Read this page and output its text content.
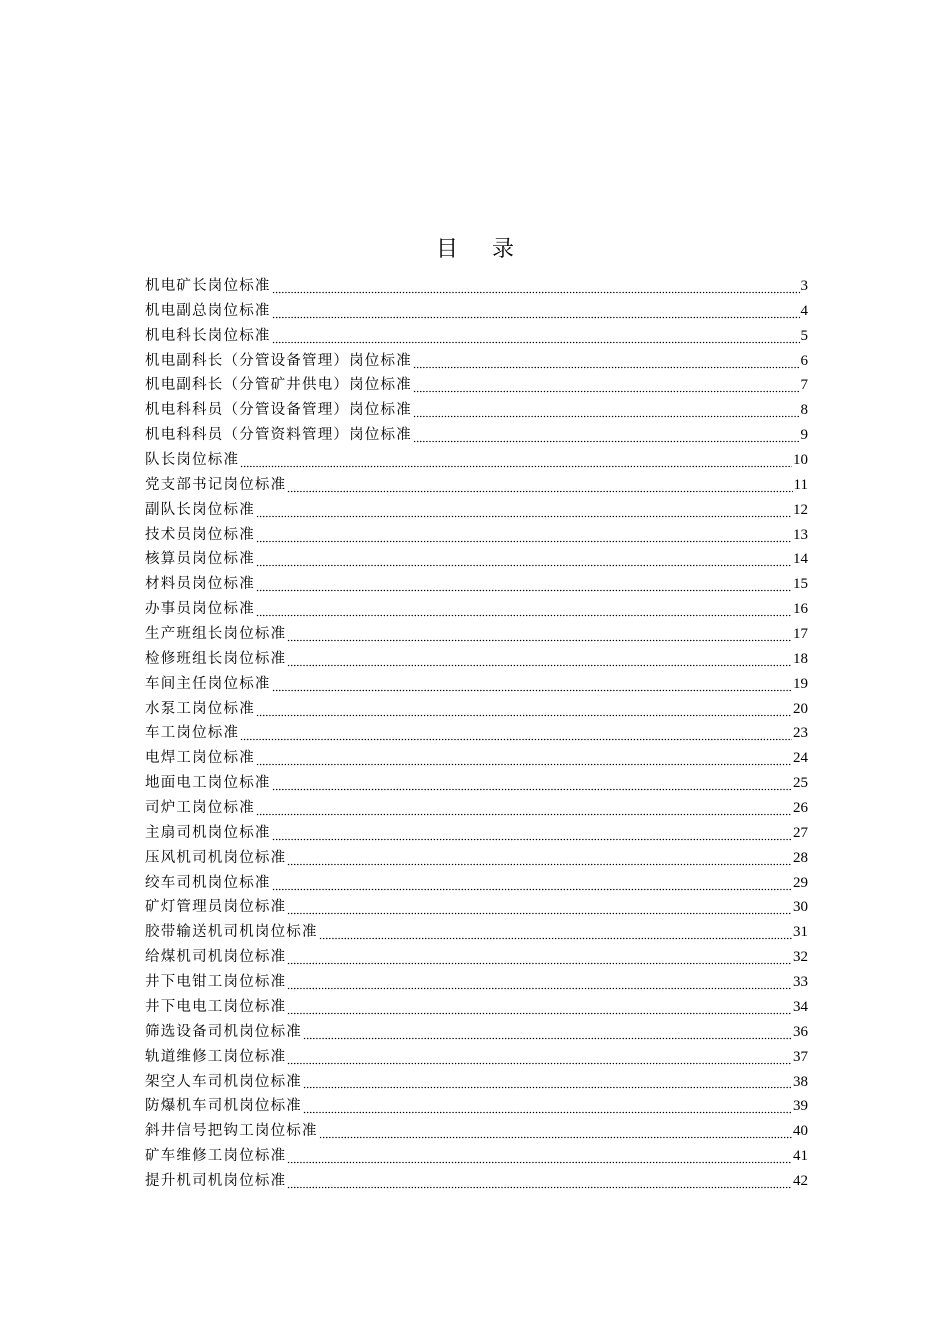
目录
机电矿长岗位标准	3
机电副总岗位标准	4
机电科长岗位标准	5
机电副科长（分管设备管理）岗位标准	6
机电副科长（分管矿井供电）岗位标准	7
机电科科员（分管设备管理）岗位标准	8
机电科科员（分管资料管理）岗位标准	9
队长岗位标准	10
党支部书记岗位标准	11
副队长岗位标准	12
技术员岗位标准	13
核算员岗位标准	14
材料员岗位标准	15
办事员岗位标准	16
生产班组长岗位标准	17
检修班组长岗位标准	18
车间主任岗位标准	19
水泵工岗位标准	20
车工岗位标准	23
电焊工岗位标准	24
地面电工岗位标准	25
司炉工岗位标准	26
主扇司机岗位标准	27
压风机司机岗位标准	28
绞车司机岗位标准	29
矿灯管理员岗位标准	30
胶带输送机司机岗位标准	31
给煤机司机岗位标准	32
井下电钳工岗位标准	33
井下电电工岗位标准	34
筛选设备司机岗位标准	36
轨道维修工岗位标准	37
架空人车司机岗位标准	38
防爆机车司机岗位标准	39
斜井信号把钩工岗位标准	40
矿车维修工岗位标准	41
提升机司机岗位标准	42
